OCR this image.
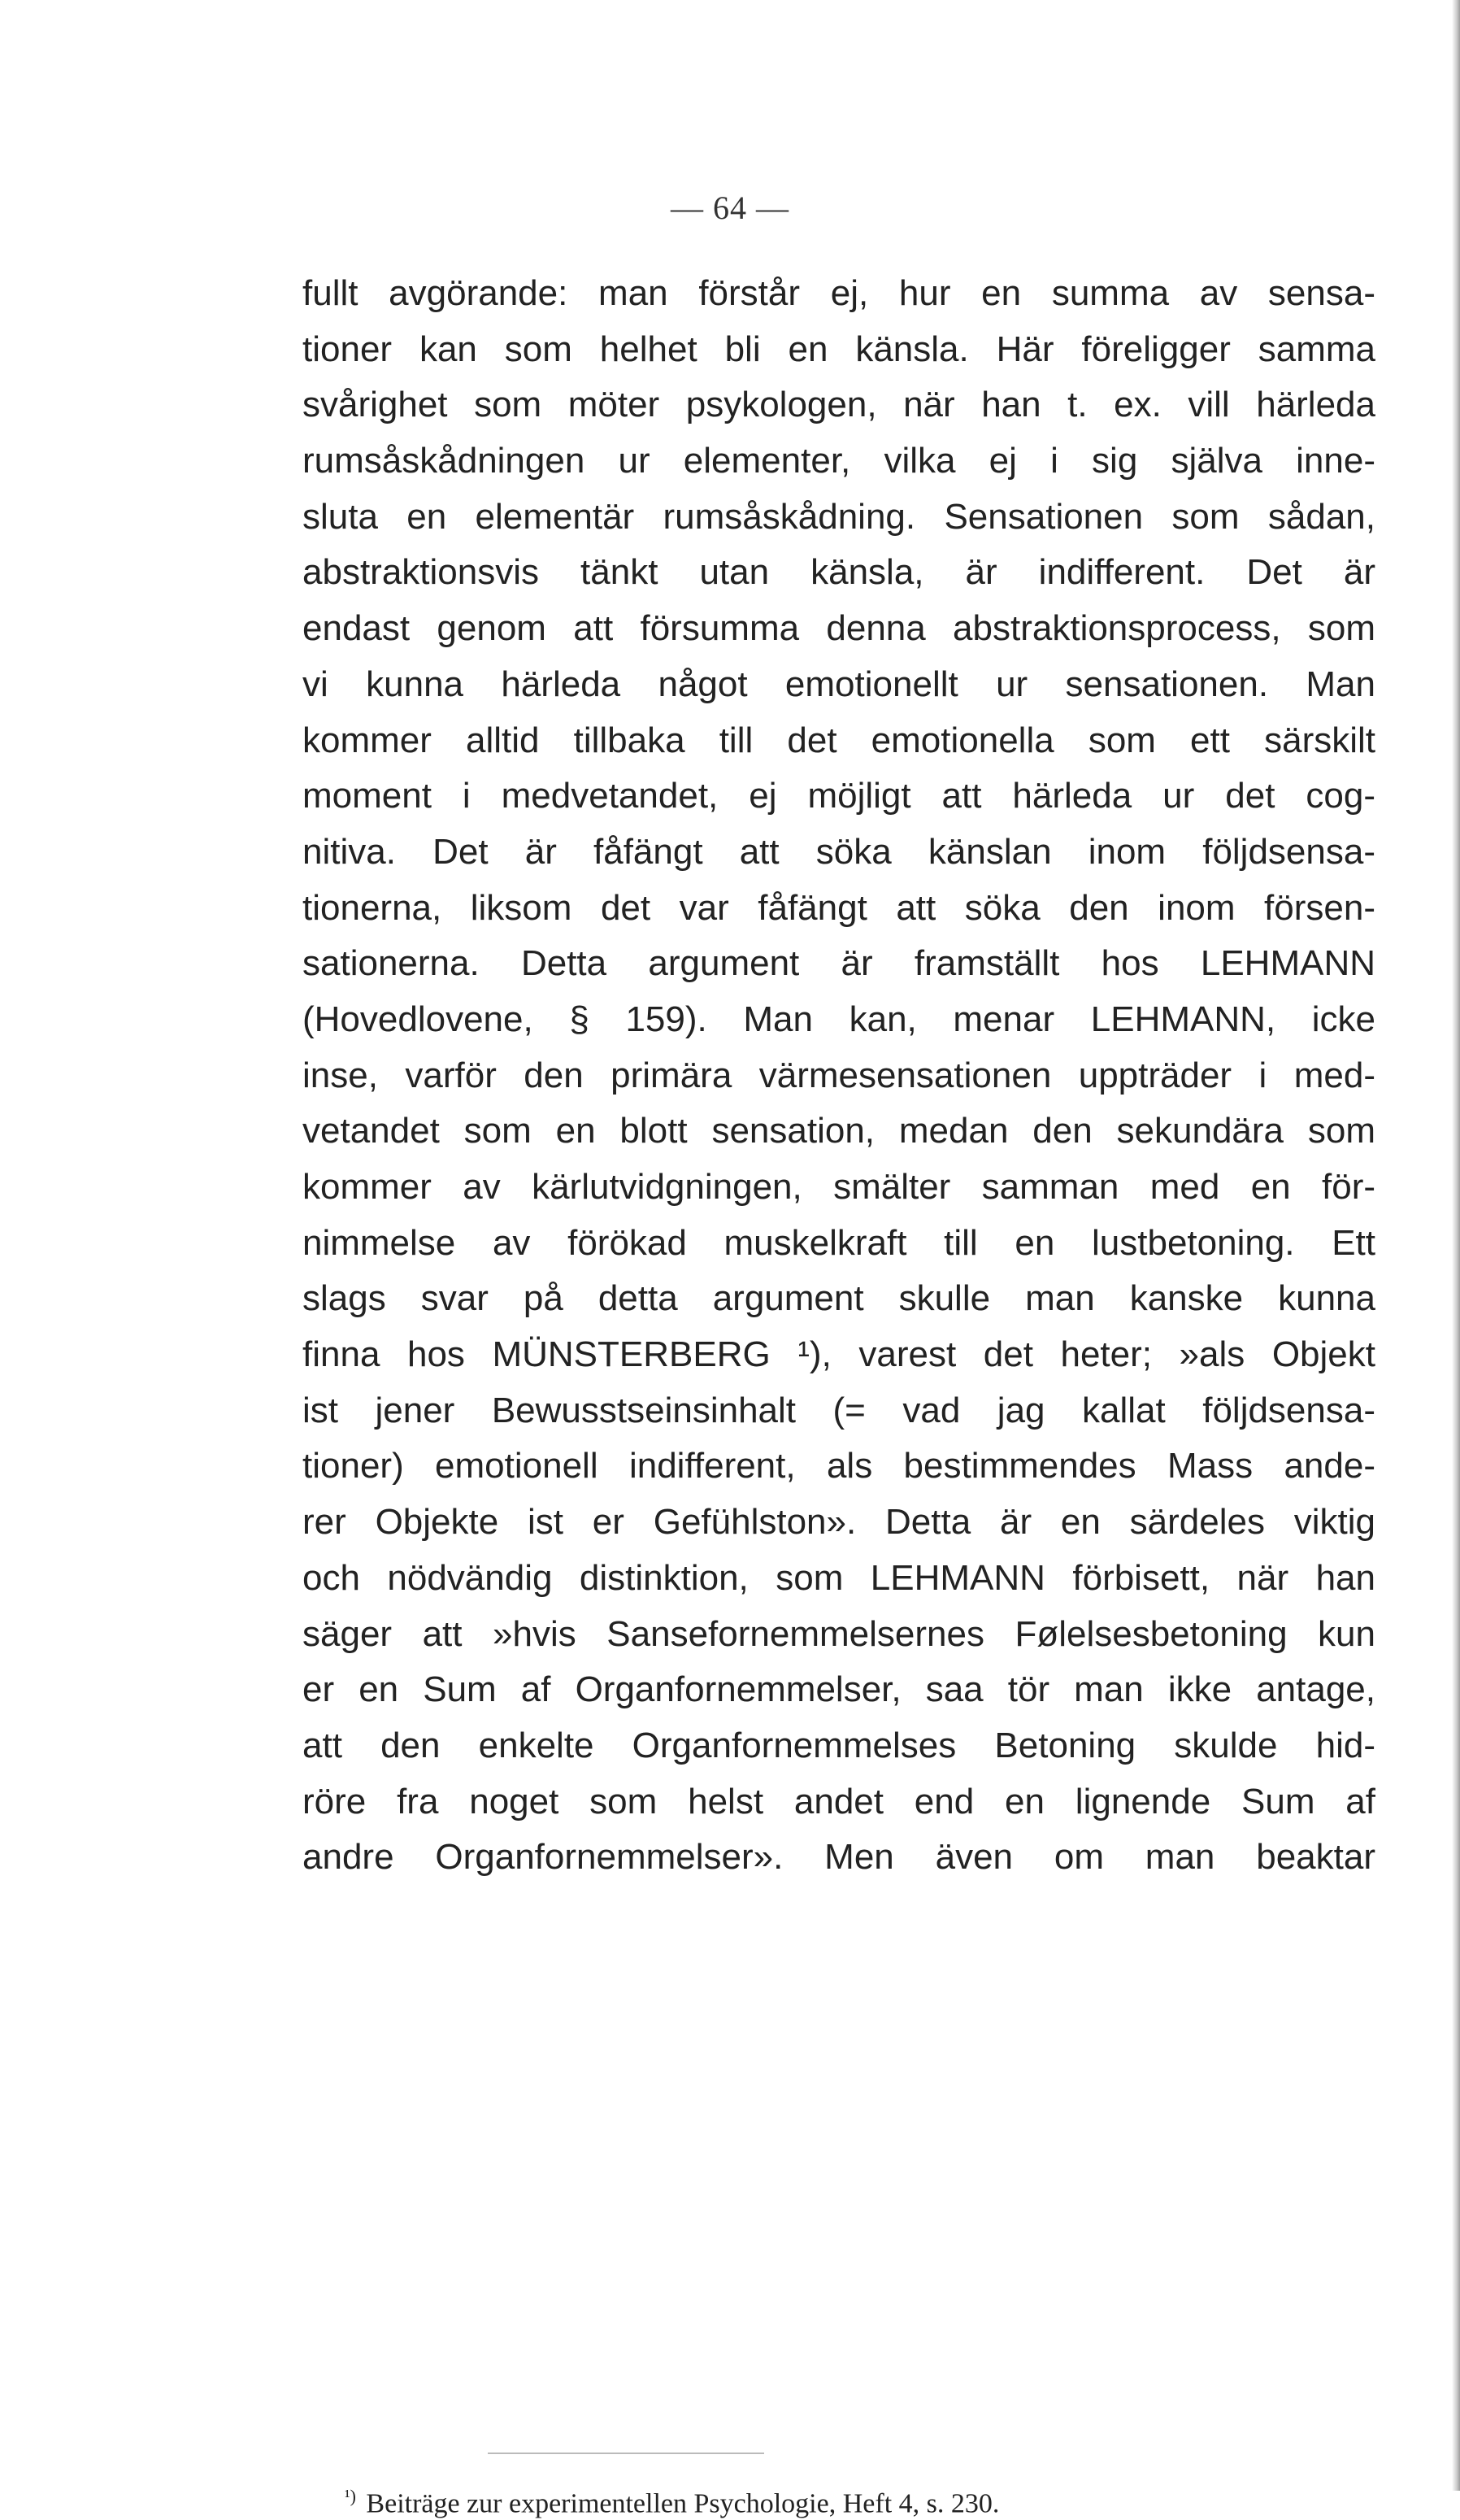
— 64 —
fullt avgörande: man förstår ej, hur en summa av sensa-
tioner kan som helhet bli en känsla. Här föreligger samma
svårighet som möter psykologen, när han t. ex. vill härleda
rumsåskådningen ur elementer, vilka ej i sig själva inne-
sluta en elementär rumsåskådning. Sensationen som sådan,
abstraktionsvis tänkt utan känsla, är indifferent. Det är
endast genom att försumma denna abstraktionsprocess, som
vi kunna härleda något emotionellt ur sensationen. Man
kommer alltid tillbaka till det emotionella som ett särskilt
moment i medvetandet, ej möjligt att härleda ur det cog-
nitiva. Det är fåfängt att söka känslan inom följdsensa-
tionerna, liksom det var fåfängt att söka den inom försen-
sationerna. Detta argument är framställt hos LEHMANN
(Hovedlovene, § 159). Man kan, menar LEHMANN, icke
inse, varför den primära värmesensationen uppträder i med-
vetandet som en blott sensation, medan den sekundära som
kommer av kärlutvidgningen, smälter samman med en för-
nimmelse av förökad muskelkraft till en lustbetoning. Ett
slags svar på detta argument skulle man kanske kunna
finna hos MÜNSTERBERG ¹), varest det heter; »als Objekt
ist jener Bewusstseinsinhalt (= vad jag kallat följdsensa-
tioner) emotionell indifferent, als bestimmendes Mass ande-
rer Objekte ist er Gefühlston». Detta är en särdeles viktig
och nödvändig distinktion, som LEHMANN förbisett, när han
säger att »hvis Sansefornemmelsernes Følelsesbetoning kun
er en Sum af Organfornemmelser, saa tör man ikke antage,
att den enkelte Organfornemmelses Betoning skulde hid-
röre fra noget som helst andet end en lignende Sum af
andre Organfornemmelser». Men även om man beaktar
$^{^1)}$ Beiträge zur experimentellen Psychologie, Heft 4, s. 230.
